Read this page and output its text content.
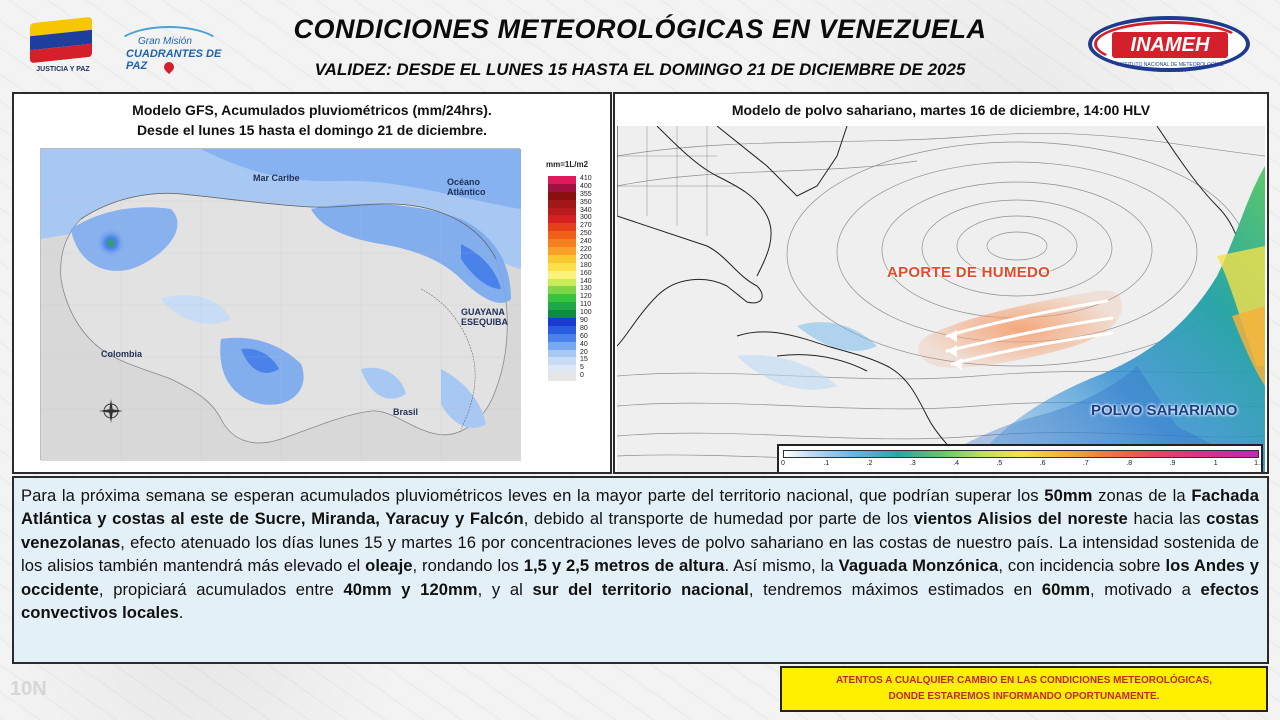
10N
JUSTICIA Y PAZ
Gran Misión
CUADRANTES DE PAZ
CONDICIONES METEOROLÓGICAS EN VENEZUELA
VALIDEZ: DESDE EL LUNES 15 HASTA EL DOMINGO 21 DE DICIEMBRE DE 2025
INAMEH
INSTITUTO NACIONAL DE METEOROLOGÍA E HIDROLOGÍA
Modelo GFS, Acumulados pluviométricos (mm/24hrs).
Desde el lunes 15 hasta el domingo 21 de diciembre.
Mar Caribe	Océano Atlántico
Colombia
Brasil
GUAYANA
ESEQUIBA
mm=1L/m2
410
400
355
350
340
300
270
250
240
220
200
180
160
140
130
120
110
100
90
80
60
40
20
15
5
0
Modelo de polvo sahariano, martes 16 de diciembre, 14:00 HLV
APORTE DE HUMEDO
POLVO SAHARIANO
0	.1	.2	.3	.4	.5	.6	.7	.8	.9	1	1.1

Para la próxima semana se esperan acumulados pluviométricos leves en la mayor parte del territorio nacional, que podrían superar los 50mm zonas de la Fachada Atlántica y costas al este de Sucre, Miranda, Yaracuy y Falcón, debido al transporte de humedad por parte de los vientos Alisios del noreste hacia las costas venezolanas, efecto atenuado los días lunes 15 y martes 16 por concentraciones leves de polvo sahariano en las costas de nuestro país. La intensidad sostenida de los alisios también mantendrá más elevado el oleaje, rondando los 1,5 y 2,5 metros de altura. Así mismo, la Vaguada Monzónica, con incidencia sobre los Andes y occidente, propiciará acumulados entre 40mm y 120mm, y al sur del territorio nacional, tendremos máximos estimados en 60mm, motivado a efectos convectivos locales.

ATENTOS A CUALQUIER CAMBIO EN LAS CONDICIONES METEOROLÓGICAS,
DONDE ESTAREMOS INFORMANDO OPORTUNAMENTE.
